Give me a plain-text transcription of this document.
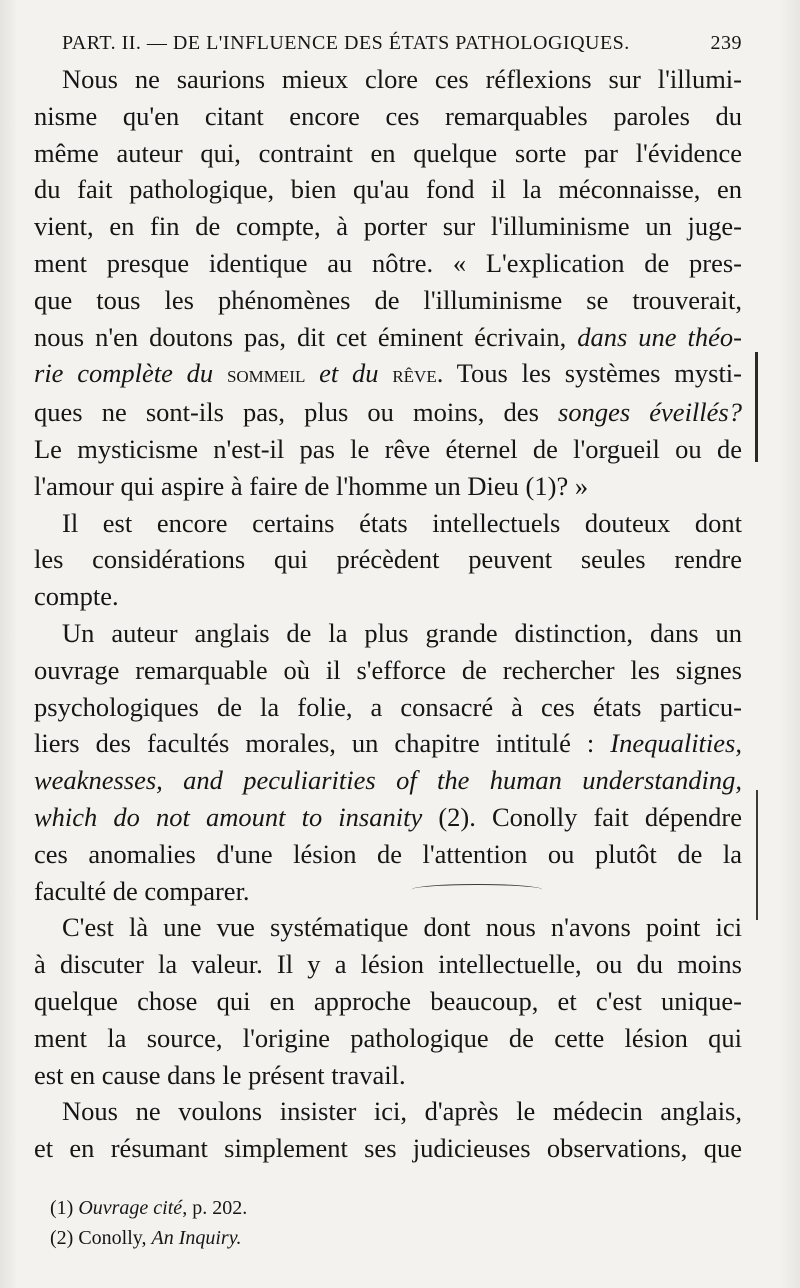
PART. II. — DE L'INFLUENCE DES ÉTATS PATHOLOGIQUES.	239

Nous ne saurions mieux clore ces réflexions sur l'illumi-

nisme qu'en citant encore ces remarquables paroles du

même auteur qui, contraint en quelque sorte par l'évidence

du fait pathologique, bien qu'au fond il la méconnaisse, en

vient, en fin de compte, à porter sur l'illuminisme un juge-

ment presque identique au nôtre. « L'explication de pres-

que tous les phénomènes de l'illuminisme se trouverait,

nous n'en doutons pas, dit cet éminent écrivain, dans une théo-

rie complète du sommeil et du rêve. Tous les systèmes mysti-

ques ne sont-ils pas, plus ou moins, des songes éveillés?

Le mysticisme n'est-il pas le rêve éternel de l'orgueil ou de

l'amour qui aspire à faire de l'homme un Dieu (1)? »

Il est encore certains états intellectuels douteux dont

les considérations qui précèdent peuvent seules rendre

compte.

Un auteur anglais de la plus grande distinction, dans un

ouvrage remarquable où il s'efforce de rechercher les signes

psychologiques de la folie, a consacré à ces états particu-

liers des facultés morales, un chapitre intitulé : Inequalities,

weaknesses, and peculiarities of the human understanding,

which do not amount to insanity (2). Conolly fait dépendre

ces anomalies d'une lésion de l'attention ou plutôt de la

faculté de comparer.

C'est là une vue systématique dont nous n'avons point ici

à discuter la valeur. Il y a lésion intellectuelle, ou du moins

quelque chose qui en approche beaucoup, et c'est unique-

ment la source, l'origine pathologique de cette lésion qui

est en cause dans le présent travail.

Nous ne voulons insister ici, d'après le médecin anglais,

et en résumant simplement ses judicieuses observations, que

(1) Ouvrage cité, p. 202.
(2) Conolly, An Inquiry.
